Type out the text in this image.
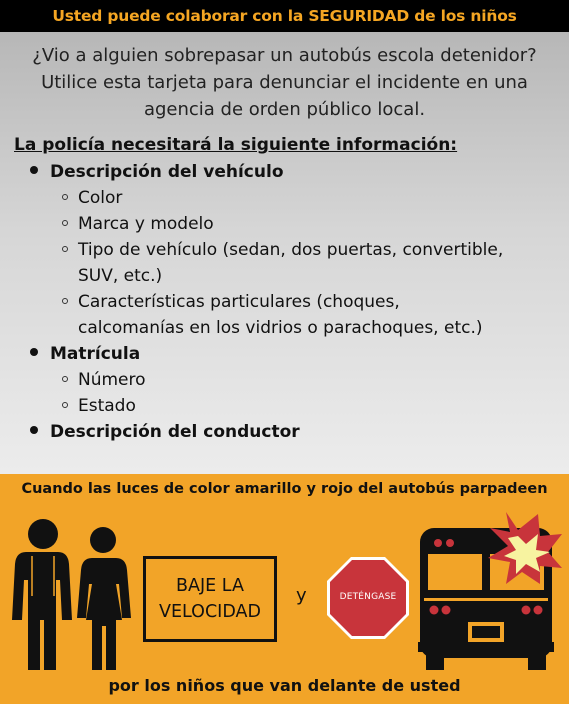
Usted puede colaborar con la SEGURIDAD de los niños
¿Vio a alguien sobrepasar un autobús escola detenidor?
Utilice esta tarjeta para denunciar el incidente en una
agencia de orden público local.
La policía necesitará la siguiente información:
Descripción del vehículo
Color
Marca y modelo
Tipo de vehículo (sedan, dos puertas, convertible,
SUV, etc.)
Características particulares (choques,
calcomanías en los vidrios o parachoques, etc.)
Matrícula
Número
Estado
Descripción del conductor
Cuando las luces de color amarillo y rojo del autobús parpadeen
BAJE LA
VELOCIDAD
y	DETÉNGASE
por los niños que van delante de usted
